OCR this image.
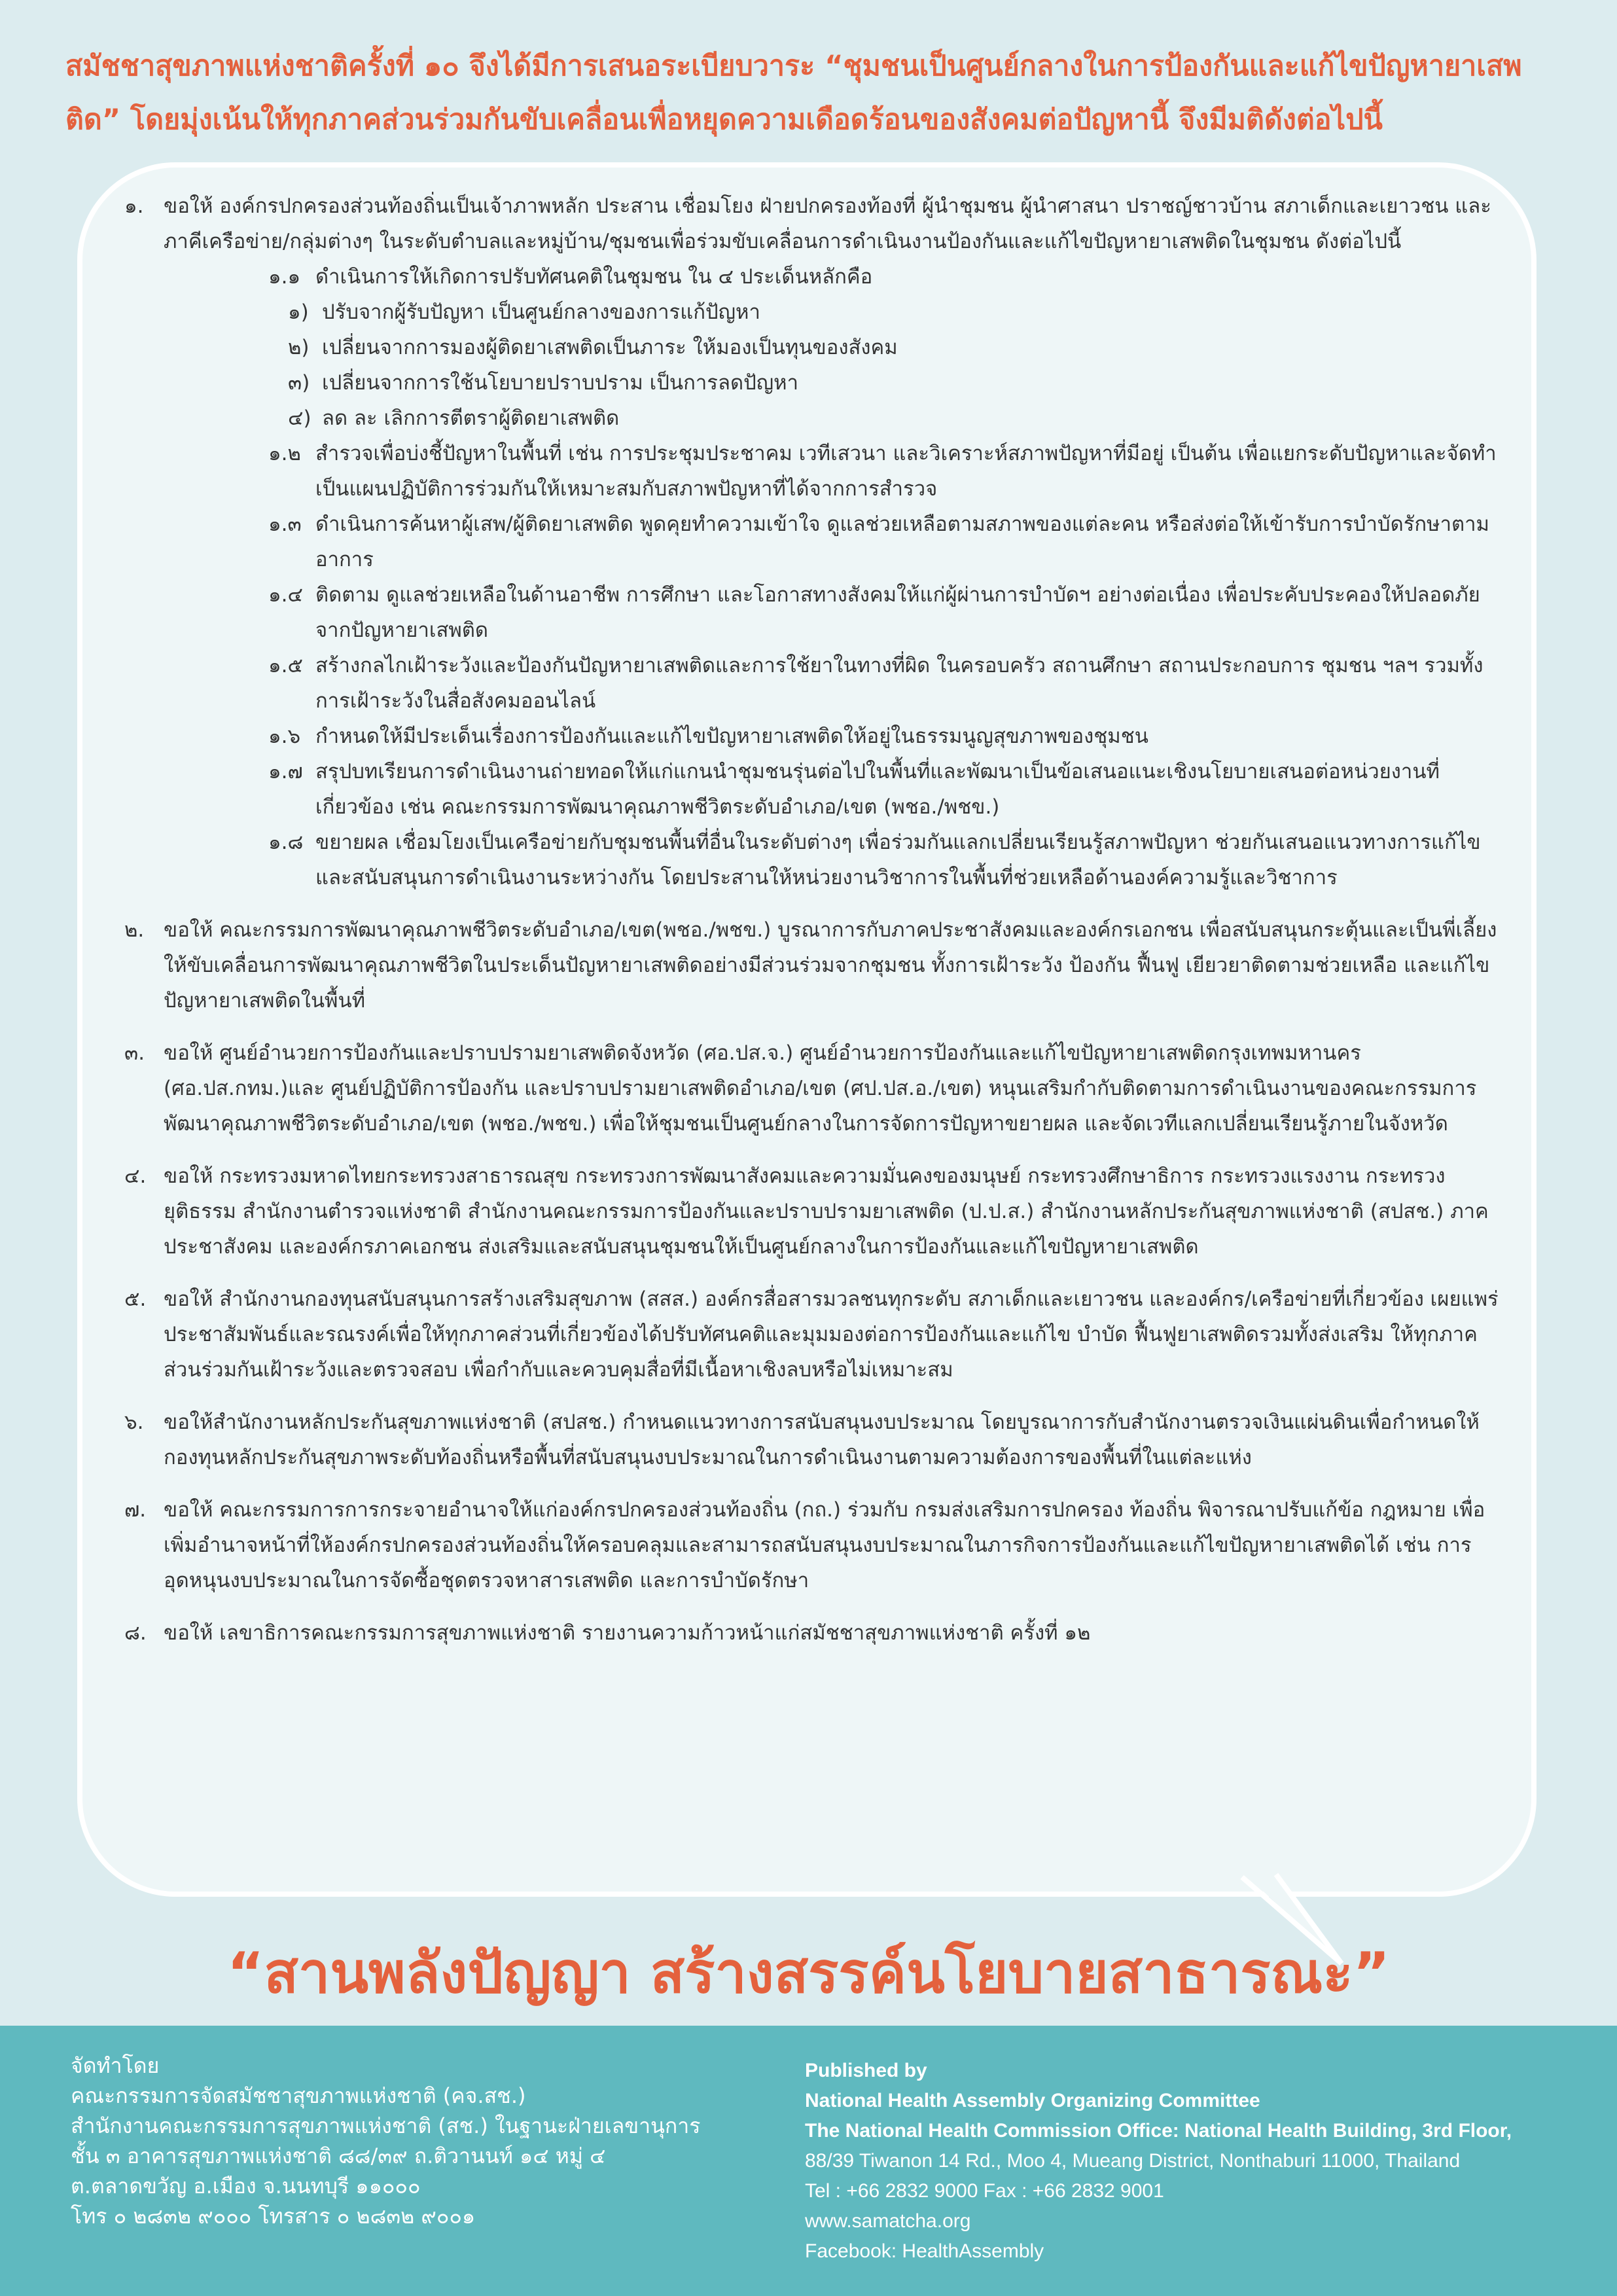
สมัชชาสุขภาพแห่งชาติครั้งที่ ๑๐ จึงได้มีการเสนอระเบียบวาระ “ชุมชนเป็นศูนย์กลางในการป้องกันและแก้ไขปัญหายาเสพติด” โดยมุ่งเน้นให้ทุกภาคส่วนร่วมกันขับเคลื่อนเพื่อหยุดความเดือดร้อนของสังคมต่อปัญหานี้ จึงมีมติดังต่อไปนี้
๑. ขอให้ องค์กรปกครองส่วนท้องถิ่นเป็นเจ้าภาพหลัก ประสาน เชื่อมโยง ฝ่ายปกครองท้องที่ ผู้นำชุมชน ผู้นำศาสนา ปราชญ์ชาวบ้าน สภาเด็กและเยาวชน และภาคีเครือข่าย/กลุ่มต่างๆ ในระดับตำบลและหมู่บ้าน/ชุมชนเพื่อร่วมขับเคลื่อนการดำเนินงานป้องกันและแก้ไขปัญหายาเสพติดในชุมชน ดังต่อไปนี้
๑.๑ ดำเนินการให้เกิดการปรับทัศนคติในชุมชน ใน ๔ ประเด็นหลักคือ
๑) ปรับจากผู้รับปัญหา เป็นศูนย์กลางของการแก้ปัญหา
๒) เปลี่ยนจากการมองผู้ติดยาเสพติดเป็นภาระ ให้มองเป็นทุนของสังคม
๓) เปลี่ยนจากการใช้นโยบายปราบปราม เป็นการลดปัญหา
๔) ลด ละ เลิกการตีตราผู้ติดยาเสพติด
๑.๒ สำรวจเพื่อบ่งชี้ปัญหาในพื้นที่ เช่น การประชุมประชาคม เวทีเสวนา และวิเคราะห์สภาพปัญหาที่มีอยู่ เป็นต้น เพื่อแยกระดับปัญหาและจัดทำเป็นแผนปฏิบัติการร่วมกันให้เหมาะสมกับสภาพปัญหาที่ได้จากการสำรวจ
๑.๓ ดำเนินการค้นหาผู้เสพ/ผู้ติดยาเสพติด พูดคุยทำความเข้าใจ ดูแลช่วยเหลือตามสภาพของแต่ละคน หรือส่งต่อให้เข้ารับการบำบัดรักษาตามอาการ
๑.๔ ติดตาม ดูแลช่วยเหลือในด้านอาชีพ การศึกษา และโอกาสทางสังคมให้แก่ผู้ผ่านการบำบัดฯ อย่างต่อเนื่อง เพื่อประคับประคองให้ปลอดภัยจากปัญหายาเสพติด
๑.๕ สร้างกลไกเฝ้าระวังและป้องกันปัญหายาเสพติดและการใช้ยาในทางที่ผิด ในครอบครัว สถานศึกษา สถานประกอบการ ชุมชน ฯลฯ รวมทั้งการเฝ้าระวังในสื่อสังคมออนไลน์
๑.๖ กำหนดให้มีประเด็นเรื่องการป้องกันและแก้ไขปัญหายาเสพติดให้อยู่ในธรรมนูญสุขภาพของชุมชน
๑.๗ สรุปบทเรียนการดำเนินงานถ่ายทอดให้แก่แกนนำชุมชนรุ่นต่อไปในพื้นที่และพัฒนาเป็นข้อเสนอแนะเชิงนโยบายเสนอต่อหน่วยงานที่เกี่ยวข้อง เช่น คณะกรรมการพัฒนาคุณภาพชีวิตระดับอำเภอ/เขต (พชอ./พชข.)
๑.๘ ขยายผล เชื่อมโยงเป็นเครือข่ายกับชุมชนพื้นที่อื่นในระดับต่างๆ เพื่อร่วมกันแลกเปลี่ยนเรียนรู้สภาพปัญหา ช่วยกันเสนอแนวทางการแก้ไขและสนับสนุนการดำเนินงานระหว่างกัน โดยประสานให้หน่วยงานวิชาการในพื้นที่ช่วยเหลือด้านองค์ความรู้และวิชาการ
๒. ขอให้ คณะกรรมการพัฒนาคุณภาพชีวิตระดับอำเภอ/เขต(พชอ./พชข.) บูรณาการกับภาคประชาสังคมและองค์กรเอกชน เพื่อสนับสนุนกระตุ้นและเป็นพี่เลี้ยง ให้ขับเคลื่อนการพัฒนาคุณภาพชีวิตในประเด็นปัญหายาเสพติดอย่างมีส่วนร่วมจากชุมชน ทั้งการเฝ้าระวัง ป้องกัน ฟื้นฟู เยียวยาติดตามช่วยเหลือ และแก้ไขปัญหายาเสพติดในพื้นที่
๓. ขอให้ ศูนย์อำนวยการป้องกันและปราบปรามยาเสพติดจังหวัด (ศอ.ปส.จ.) ศูนย์อำนวยการป้องกันและแก้ไขปัญหายาเสพติดกรุงเทพมหานคร (ศอ.ปส.กทม.)และ ศูนย์ปฏิบัติการป้องกัน และปราบปรามยาเสพติดอำเภอ/เขต (ศป.ปส.อ./เขต) หนุนเสริมกำกับติดตามการดำเนินงานของคณะกรรมการพัฒนาคุณภาพชีวิตระดับอำเภอ/เขต (พชอ./พชข.) เพื่อให้ชุมชนเป็นศูนย์กลางในการจัดการปัญหาขยายผล และจัดเวทีแลกเปลี่ยนเรียนรู้ภายในจังหวัด
๔. ขอให้ กระทรวงมหาดไทยกระทรวงสาธารณสุข กระทรวงการพัฒนาสังคมและความมั่นคงของมนุษย์ กระทรวงศึกษาธิการ กระทรวงแรงงาน กระทรวงยุติธรรม สำนักงานตำรวจแห่งชาติ สำนักงานคณะกรรมการป้องกันและปราบปรามยาเสพติด (ป.ป.ส.) สำนักงานหลักประกันสุขภาพแห่งชาติ (สปสช.) ภาคประชาสังคม และองค์กรภาคเอกชน ส่งเสริมและสนับสนุนชุมชนให้เป็นศูนย์กลางในการป้องกันและแก้ไขปัญหายาเสพติด
๕. ขอให้ สำนักงานกองทุนสนับสนุนการสร้างเสริมสุขภาพ (สสส.) องค์กรสื่อสารมวลชนทุกระดับ สภาเด็กและเยาวชน และองค์กร/เครือข่ายที่เกี่ยวข้อง เผยแพร่ประชาสัมพันธ์และรณรงค์เพื่อให้ทุกภาคส่วนที่เกี่ยวข้องได้ปรับทัศนคติและมุมมองต่อการป้องกันและแก้ไข บำบัด ฟื้นฟูยาเสพติดรวมทั้งส่งเสริม ให้ทุกภาคส่วนร่วมกันเฝ้าระวังและตรวจสอบ เพื่อกำกับและควบคุมสื่อที่มีเนื้อหาเชิงลบหรือไม่เหมาะสม
๖. ขอให้สำนักงานหลักประกันสุขภาพแห่งชาติ (สปสช.) กำหนดแนวทางการสนับสนุนงบประมาณ โดยบูรณาการกับสำนักงานตรวจเงินแผ่นดินเพื่อกำหนดให้กองทุนหลักประกันสุขภาพระดับท้องถิ่นหรือพื้นที่สนับสนุนงบประมาณในการดำเนินงานตามความต้องการของพื้นที่ในแต่ละแห่ง
๗. ขอให้ คณะกรรมการการกระจายอำนาจให้แก่องค์กรปกครองส่วนท้องถิ่น (กถ.) ร่วมกับ กรมส่งเสริมการปกครอง ท้องถิ่น พิจารณาปรับแก้ข้อ กฎหมาย เพื่อเพิ่มอำนาจหน้าที่ให้องค์กรปกครองส่วนท้องถิ่นให้ครอบคลุมและสามารถสนับสนุนงบประมาณในภารกิจการป้องกันและแก้ไขปัญหายาเสพติดได้ เช่น การอุดหนุนงบประมาณในการจัดซื้อชุดตรวจหาสารเสพติด และการบำบัดรักษา
๘. ขอให้ เลขาธิการคณะกรรมการสุขภาพแห่งชาติ รายงานความก้าวหน้าแก่สมัชชาสุขภาพแห่งชาติ ครั้งที่ ๑๒
“สานพลังปัญญา สร้างสรรค์นโยบายสาธารณะ”
จัดทำโดย
คณะกรรมการจัดสมัชชาสุขภาพแห่งชาติ (คจ.สช.)
สำนักงานคณะกรรมการสุขภาพแห่งชาติ (สช.) ในฐานะฝ่ายเลขานุการ
ชั้น ๓ อาคารสุขภาพแห่งชาติ ๘๘/๓๙ ถ.ติวานนท์ ๑๔ หมู่ ๔
ต.ตลาดขวัญ อ.เมือง จ.นนทบุรี ๑๑๐๐๐
โทร ๐ ๒๘๓๒ ๙๐๐๐ โทรสาร ๐ ๒๘๓๒ ๙๐๐๑
Published by
National Health Assembly Organizing Committee
The National Health Commission Office: National Health Building, 3rd Floor,
88/39 Tiwanon 14 Rd., Moo 4, Mueang District, Nonthaburi 11000, Thailand
Tel : +66 2832 9000 Fax : +66 2832 9001
www.samatcha.org
Facebook: HealthAssembly
